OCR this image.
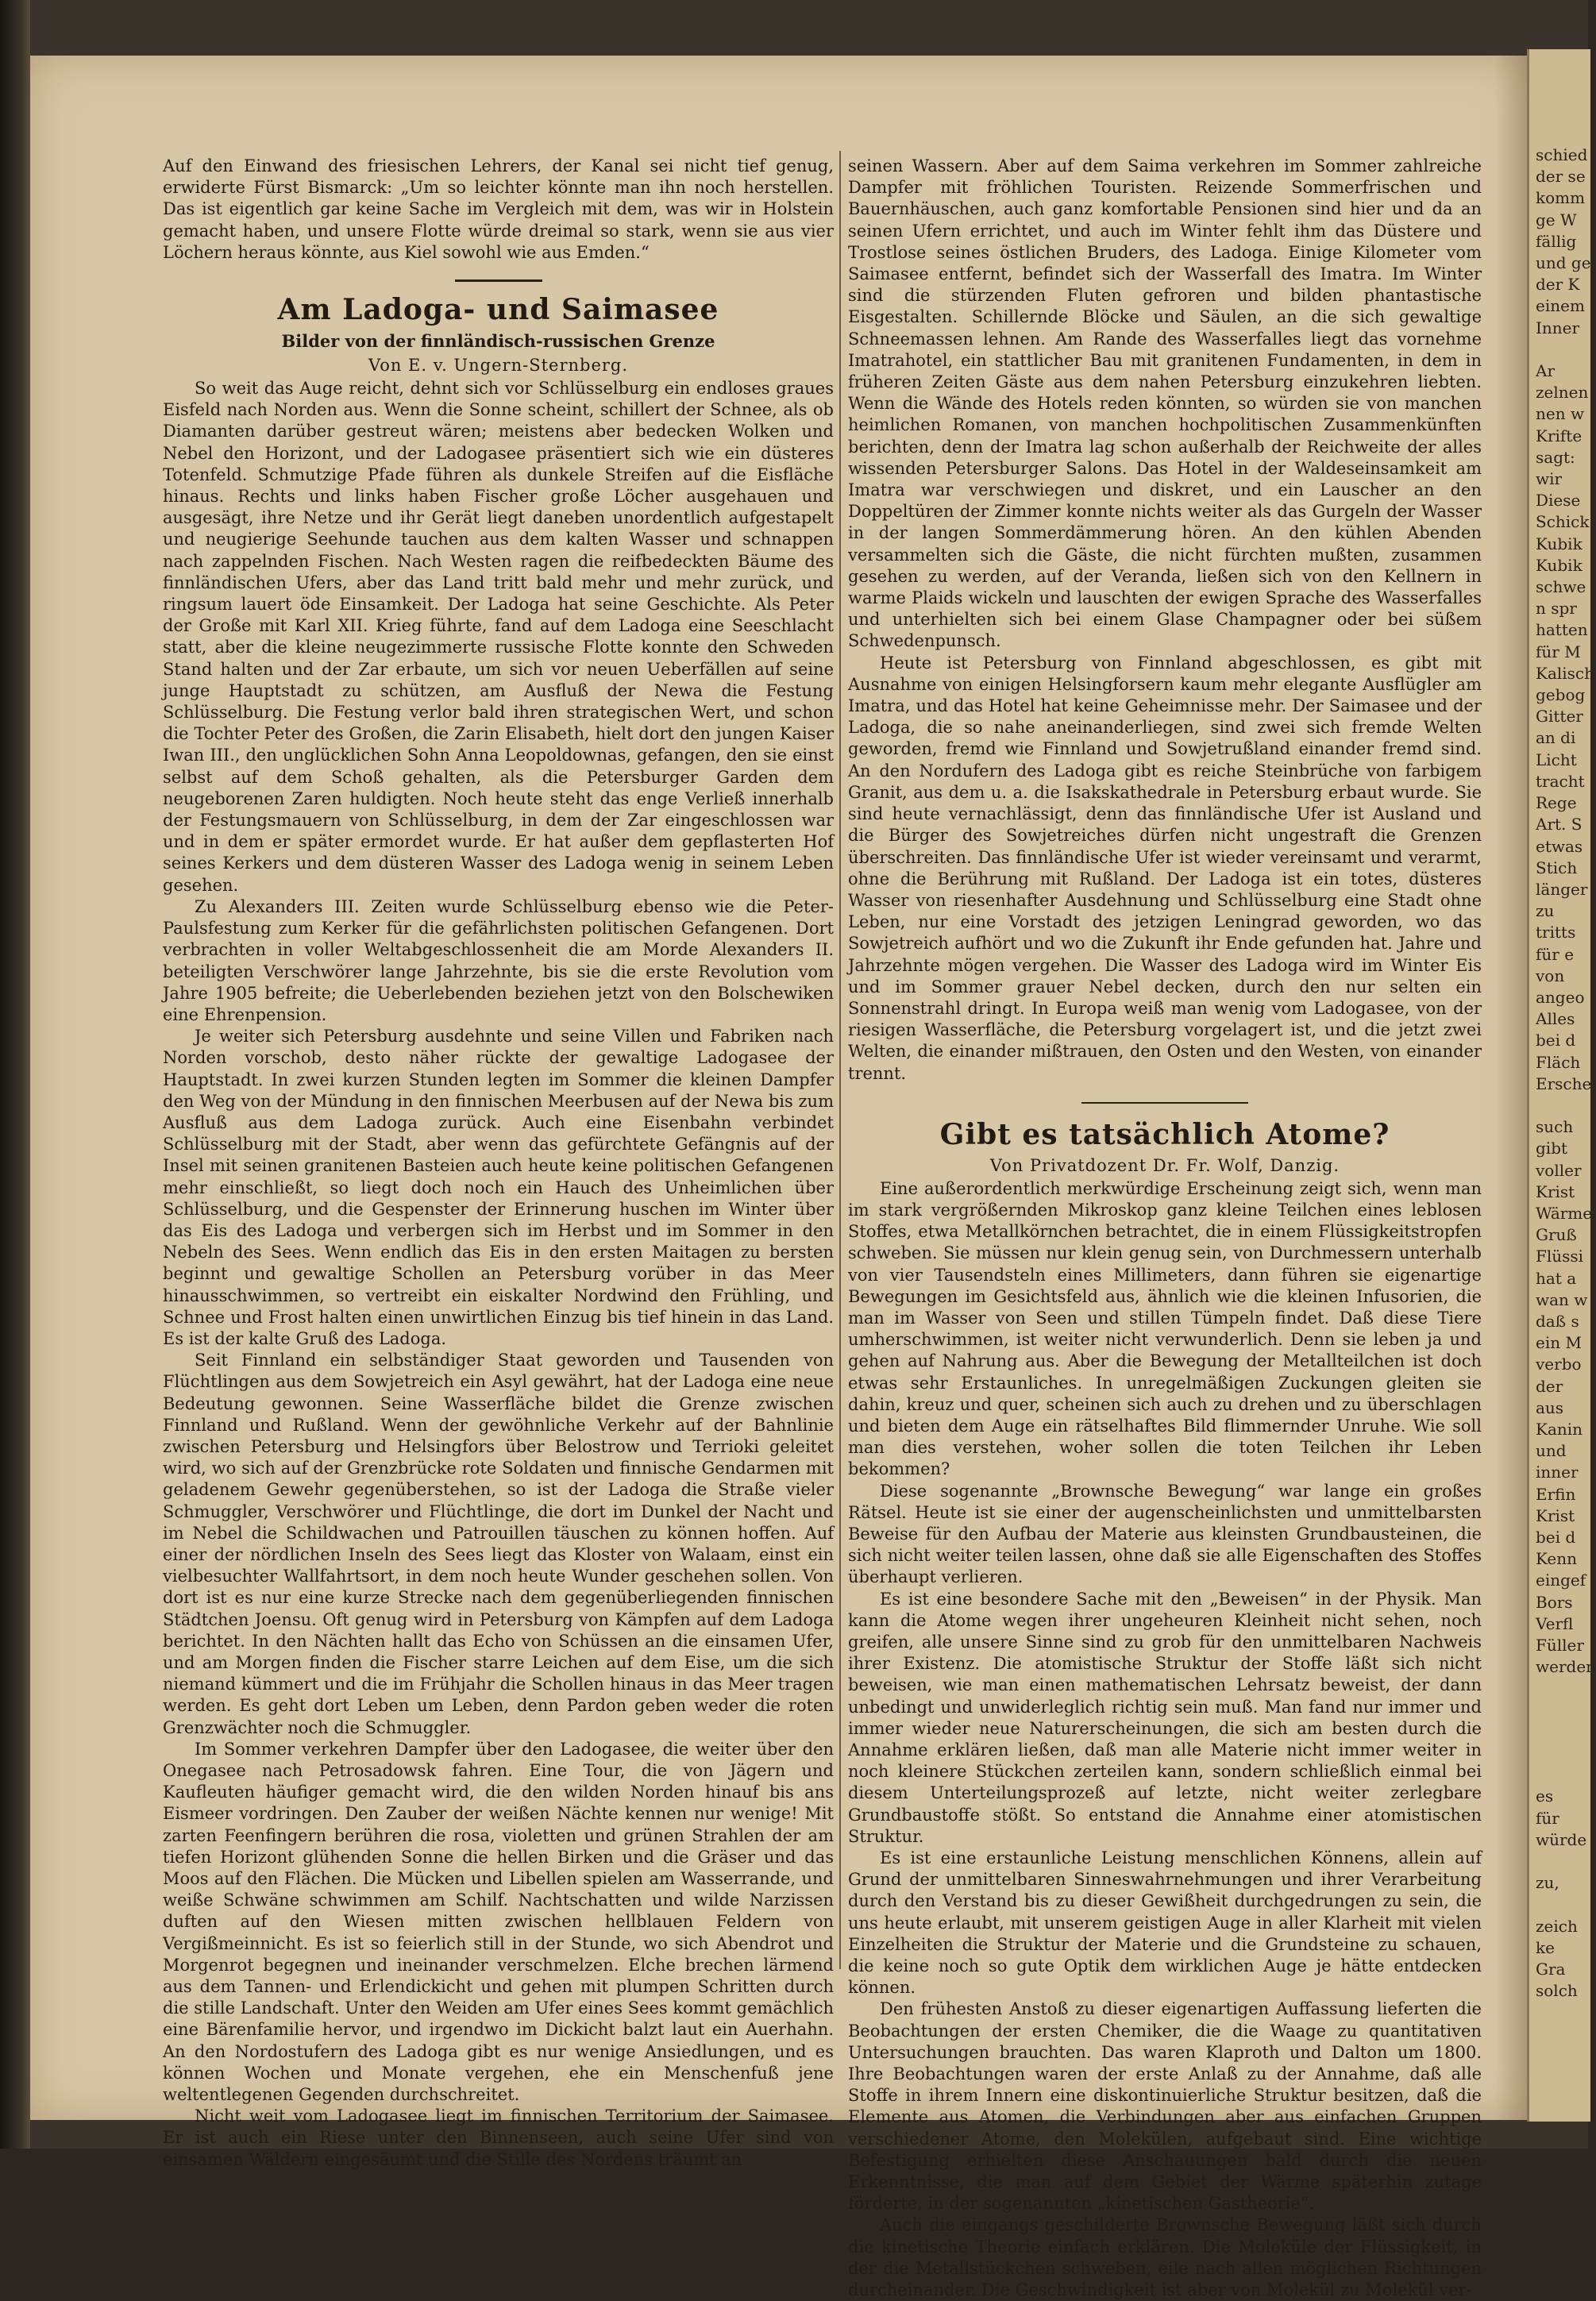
schied
der se
komm
ge W
fällig
und ge
der K
einem
Inner

Ar
zelnen
nen w
Krifte
sagt:
wir
Diese
Schick
Kubik
Kubik
schwe
n spr
hatten
für M
Kalisch
gebog
Gitter
an di
Licht
tracht
Rege
Art. S
etwas
Stich
länger
zu
tritts
für e
von
angeo
Alles
bei d
Fläch
Ersche

such
gibt
voller
Krist
Wärme
Gruß
Flüssi
hat a
wan w
daß s
ein M
verbo
der
aus
Kanin
und
inner
Erfin
Krist
bei d
Kenn
eingef
Bors
Verfl
Füller
werden

es
für
würde

zu,

zeich
ke
Gra
solch

Auf den Einwand des friesischen Lehrers, der Kanal sei nicht tief genug, erwiderte Fürst Bismarck: „Um so leichter könnte man ihn noch herstellen. Das ist eigentlich gar keine Sache im Vergleich mit dem, was wir in Holstein gemacht haben, und unsere Flotte würde dreimal so stark, wenn sie aus vier Löchern heraus könnte, aus Kiel sowohl wie aus Emden.“

Am Ladoga- und Saimasee
Bilder von der finnländisch-russischen Grenze
Von E. v. Ungern-Sternberg.

So weit das Auge reicht, dehnt sich vor Schlüsselburg ein endloses graues Eisfeld nach Norden aus. Wenn die Sonne scheint, schillert der Schnee, als ob Diamanten darüber gestreut wären; meistens aber bedecken Wolken und Nebel den Horizont, und der Ladogasee präsentiert sich wie ein düsteres Totenfeld. Schmutzige Pfade führen als dunkele Streifen auf die Eisfläche hinaus. Rechts und links haben Fischer große Löcher ausgehauen und ausgesägt, ihre Netze und ihr Gerät liegt daneben unordentlich aufgestapelt und neugierige Seehunde tauchen aus dem kalten Wasser und schnappen nach zappelnden Fischen. Nach Westen ragen die reifbedeckten Bäume des finnländischen Ufers, aber das Land tritt bald mehr und mehr zurück, und ringsum lauert öde Einsamkeit. Der Ladoga hat seine Geschichte. Als Peter der Große mit Karl XII. Krieg führte, fand auf dem Ladoga eine Seeschlacht statt, aber die kleine neugezimmerte russische Flotte konnte den Schweden Stand halten und der Zar erbaute, um sich vor neuen Ueberfällen auf seine junge Hauptstadt zu schützen, am Ausfluß der Newa die Festung Schlüsselburg. Die Festung verlor bald ihren strategischen Wert, und schon die Tochter Peter des Großen, die Zarin Elisabeth, hielt dort den jungen Kaiser Iwan III., den unglücklichen Sohn Anna Leopoldownas, gefangen, den sie einst selbst auf dem Schoß gehalten, als die Petersburger Garden dem neugeborenen Zaren huldigten. Noch heute steht das enge Verließ innerhalb der Festungsmauern von Schlüsselburg, in dem der Zar eingeschlossen war und in dem er später ermordet wurde. Er hat außer dem gepflasterten Hof seines Kerkers und dem düsteren Wasser des Ladoga wenig in seinem Leben gesehen.

Zu Alexanders III. Zeiten wurde Schlüsselburg ebenso wie die Peter-Paulsfestung zum Kerker für die gefährlichsten politischen Gefangenen. Dort verbrachten in voller Weltabgeschlossenheit die am Morde Alexanders II. beteiligten Verschwörer lange Jahrzehnte, bis sie die erste Revolution vom Jahre 1905 befreite; die Ueberlebenden beziehen jetzt von den Bolschewiken eine Ehrenpension.

Je weiter sich Petersburg ausdehnte und seine Villen und Fabriken nach Norden vorschob, desto näher rückte der gewaltige Ladogasee der Hauptstadt. In zwei kurzen Stunden legten im Sommer die kleinen Dampfer den Weg von der Mündung in den finnischen Meerbusen auf der Newa bis zum Ausfluß aus dem Ladoga zurück. Auch eine Eisenbahn verbindet Schlüsselburg mit der Stadt, aber wenn das gefürchtete Gefängnis auf der Insel mit seinen granitenen Basteien auch heute keine politischen Gefangenen mehr einschließt, so liegt doch noch ein Hauch des Unheimlichen über Schlüsselburg, und die Gespenster der Erinnerung huschen im Winter über das Eis des Ladoga und verbergen sich im Herbst und im Sommer in den Nebeln des Sees. Wenn endlich das Eis in den ersten Maitagen zu bersten beginnt und gewaltige Schollen an Petersburg vorüber in das Meer hinausschwimmen, so vertreibt ein eiskalter Nordwind den Frühling, und Schnee und Frost halten einen unwirtlichen Einzug bis tief hinein in das Land. Es ist der kalte Gruß des Ladoga.

Seit Finnland ein selbständiger Staat geworden und Tausenden von Flüchtlingen aus dem Sowjetreich ein Asyl gewährt, hat der Ladoga eine neue Bedeutung gewonnen. Seine Wasserfläche bildet die Grenze zwischen Finnland und Rußland. Wenn der gewöhnliche Verkehr auf der Bahnlinie zwischen Petersburg und Helsingfors über Belostrow und Terrioki geleitet wird, wo sich auf der Grenzbrücke rote Soldaten und finnische Gendarmen mit geladenem Gewehr gegenüberstehen, so ist der Ladoga die Straße vieler Schmuggler, Verschwörer und Flüchtlinge, die dort im Dunkel der Nacht und im Nebel die Schildwachen und Patrouillen täuschen zu können hoffen. Auf einer der nördlichen Inseln des Sees liegt das Kloster von Walaam, einst ein vielbesuchter Wallfahrtsort, in dem noch heute Wunder geschehen sollen. Von dort ist es nur eine kurze Strecke nach dem gegenüberliegenden finnischen Städtchen Joensu. Oft genug wird in Petersburg von Kämpfen auf dem Ladoga berichtet. In den Nächten hallt das Echo von Schüssen an die einsamen Ufer, und am Morgen finden die Fischer starre Leichen auf dem Eise, um die sich niemand kümmert und die im Frühjahr die Schollen hinaus in das Meer tragen werden. Es geht dort Leben um Leben, denn Pardon geben weder die roten Grenzwächter noch die Schmuggler.

Im Sommer verkehren Dampfer über den Ladogasee, die weiter über den Onegasee nach Petrosadowsk fahren. Eine Tour, die von Jägern und Kaufleuten häufiger gemacht wird, die den wilden Norden hinauf bis ans Eismeer vordringen. Den Zauber der weißen Nächte kennen nur wenige! Mit zarten Feenfingern berühren die rosa, violetten und grünen Strahlen der am tiefen Horizont glühenden Sonne die hellen Birken und die Gräser und das Moos auf den Flächen. Die Mücken und Libellen spielen am Wasserrande, und weiße Schwäne schwimmen am Schilf. Nachtschatten und wilde Narzissen duften auf den Wiesen mitten zwischen hellblauen Feldern von Vergißmeinnicht. Es ist so feierlich still in der Stunde, wo sich Abendrot und Morgenrot begegnen und ineinander verschmelzen. Elche brechen lärmend aus dem Tannen- und Erlendickicht und gehen mit plumpen Schritten durch die stille Landschaft. Unter den Weiden am Ufer eines Sees kommt gemächlich eine Bärenfamilie hervor, und irgendwo im Dickicht balzt laut ein Auerhahn. An den Nordostufern des Ladoga gibt es nur wenige Ansiedlungen, und es können Wochen und Monate vergehen, ehe ein Menschenfuß jene weltentlegenen Gegenden durchschreitet.

Nicht weit vom Ladogasee liegt im finnischen Territorium der Saimasee. Er ist auch ein Riese unter den Binnenseen, auch seine Ufer sind von einsamen Wäldern eingesäumt und die Stille des Nordens träumt an

seinen Wassern. Aber auf dem Saima verkehren im Sommer zahlreiche Dampfer mit fröhlichen Touristen. Reizende Sommerfrischen und Bauernhäuschen, auch ganz komfortable Pensionen sind hier und da an seinen Ufern errichtet, und auch im Winter fehlt ihm das Düstere und Trostlose seines östlichen Bruders, des Ladoga. Einige Kilometer vom Saimasee entfernt, befindet sich der Wasserfall des Imatra. Im Winter sind die stürzenden Fluten gefroren und bilden phantastische Eisgestalten. Schillernde Blöcke und Säulen, an die sich gewaltige Schneemassen lehnen. Am Rande des Wasserfalles liegt das vornehme Imatrahotel, ein stattlicher Bau mit granitenen Fundamenten, in dem in früheren Zeiten Gäste aus dem nahen Petersburg einzukehren liebten. Wenn die Wände des Hotels reden könnten, so würden sie von manchen heimlichen Romanen, von manchen hochpolitischen Zusammenkünften berichten, denn der Imatra lag schon außerhalb der Reichweite der alles wissenden Petersburger Salons. Das Hotel in der Waldeseinsamkeit am Imatra war verschwiegen und diskret, und ein Lauscher an den Doppeltüren der Zimmer konnte nichts weiter als das Gurgeln der Wasser in der langen Sommerdämmerung hören. An den kühlen Abenden versammelten sich die Gäste, die nicht fürchten mußten, zusammen gesehen zu werden, auf der Veranda, ließen sich von den Kellnern in warme Plaids wickeln und lauschten der ewigen Sprache des Wasserfalles und unterhielten sich bei einem Glase Champagner oder bei süßem Schwedenpunsch.

Heute ist Petersburg von Finnland abgeschlossen, es gibt mit Ausnahme von einigen Helsingforsern kaum mehr elegante Ausflügler am Imatra, und das Hotel hat keine Geheimnisse mehr. Der Saimasee und der Ladoga, die so nahe aneinanderliegen, sind zwei sich fremde Welten geworden, fremd wie Finnland und Sowjetrußland einander fremd sind. An den Nordufern des Ladoga gibt es reiche Steinbrüche von farbigem Granit, aus dem u. a. die Isakskathedrale in Petersburg erbaut wurde. Sie sind heute vernachlässigt, denn das finnländische Ufer ist Ausland und die Bürger des Sowjetreiches dürfen nicht ungestraft die Grenzen überschreiten. Das finnländische Ufer ist wieder vereinsamt und verarmt, ohne die Berührung mit Rußland. Der Ladoga ist ein totes, düsteres Wasser von riesenhafter Ausdehnung und Schlüsselburg eine Stadt ohne Leben, nur eine Vorstadt des jetzigen Leningrad geworden, wo das Sowjetreich aufhört und wo die Zukunft ihr Ende gefunden hat. Jahre und Jahrzehnte mögen vergehen. Die Wasser des Ladoga wird im Winter Eis und im Sommer grauer Nebel decken, durch den nur selten ein Sonnenstrahl dringt. In Europa weiß man wenig vom Ladogasee, von der riesigen Wasserfläche, die Petersburg vorgelagert ist, und die jetzt zwei Welten, die einander mißtrauen, den Osten und den Westen, von einander trennt.

Gibt es tatsächlich Atome?
Von Privatdozent Dr. Fr. Wolf, Danzig.

Eine außerordentlich merkwürdige Erscheinung zeigt sich, wenn man im stark vergrößernden Mikroskop ganz kleine Teilchen eines leblosen Stoffes, etwa Metallkörnchen betrachtet, die in einem Flüssigkeitstropfen schweben. Sie müssen nur klein genug sein, von Durchmessern unterhalb von vier Tausendsteln eines Millimeters, dann führen sie eigenartige Bewegungen im Gesichtsfeld aus, ähnlich wie die kleinen Infusorien, die man im Wasser von Seen und stillen Tümpeln findet. Daß diese Tiere umherschwimmen, ist weiter nicht verwunderlich. Denn sie leben ja und gehen auf Nahrung aus. Aber die Bewegung der Metallteilchen ist doch etwas sehr Erstaunliches. In unregelmäßigen Zuckungen gleiten sie dahin, kreuz und quer, scheinen sich auch zu drehen und zu überschlagen und bieten dem Auge ein rätselhaftes Bild flimmernder Unruhe. Wie soll man dies verstehen, woher sollen die toten Teilchen ihr Leben bekommen?

Diese sogenannte „Brownsche Bewegung“ war lange ein großes Rätsel. Heute ist sie einer der augenscheinlichsten und unmittelbarsten Beweise für den Aufbau der Materie aus kleinsten Grundbausteinen, die sich nicht weiter teilen lassen, ohne daß sie alle Eigenschaften des Stoffes überhaupt verlieren.

Es ist eine besondere Sache mit den „Beweisen“ in der Physik. Man kann die Atome wegen ihrer ungeheuren Kleinheit nicht sehen, noch greifen, alle unsere Sinne sind zu grob für den unmittelbaren Nachweis ihrer Existenz. Die atomistische Struktur der Stoffe läßt sich nicht beweisen, wie man einen mathematischen Lehrsatz beweist, der dann unbedingt und unwiderleglich richtig sein muß. Man fand nur immer und immer wieder neue Naturerscheinungen, die sich am besten durch die Annahme erklären ließen, daß man alle Materie nicht immer weiter in noch kleinere Stückchen zerteilen kann, sondern schließlich einmal bei diesem Unterteilungsprozeß auf letzte, nicht weiter zerlegbare Grundbaustoffe stößt. So entstand die Annahme einer atomistischen Struktur.

Es ist eine erstaunliche Leistung menschlichen Könnens, allein auf Grund der unmittelbaren Sinneswahrnehmungen und ihrer Verarbeitung durch den Verstand bis zu dieser Gewißheit durchgedrungen zu sein, die uns heute erlaubt, mit unserem geistigen Auge in aller Klarheit mit vielen Einzelheiten die Struktur der Materie und die Grundsteine zu schauen, die keine noch so gute Optik dem wirklichen Auge je hätte entdecken können.

Den frühesten Anstoß zu dieser eigenartigen Auffassung lieferten die Beobachtungen der ersten Chemiker, die die Waage zu quantitativen Untersuchungen brauchten. Das waren Klaproth und Dalton um 1800. Ihre Beobachtungen waren der erste Anlaß zu der Annahme, daß alle Stoffe in ihrem Innern eine diskontinuierliche Struktur besitzen, daß die Elemente aus Atomen, die Verbindungen aber aus einfachen Gruppen verschiedener Atome, den Molekülen, aufgebaut sind. Eine wichtige Befestigung erhielten diese Anschauungen bald durch die neuen Erkenntnisse, die man auf dem Gebiet der Wärme späterhin zutage förderte, in der sogenannten „kinetischen Gastheorie“.

Auch die eingangs geschilderte Brownsche Bewegung läßt sich durch die kinetische Theorie einfach erklären. Die Moleküle der Flüssigkeit, in der die Metallstückchen schweben, eile nach allen möglichen Richtungen durcheinander. Die Geschwindigkeit ist aber von Molekül zu Molekül ver-
